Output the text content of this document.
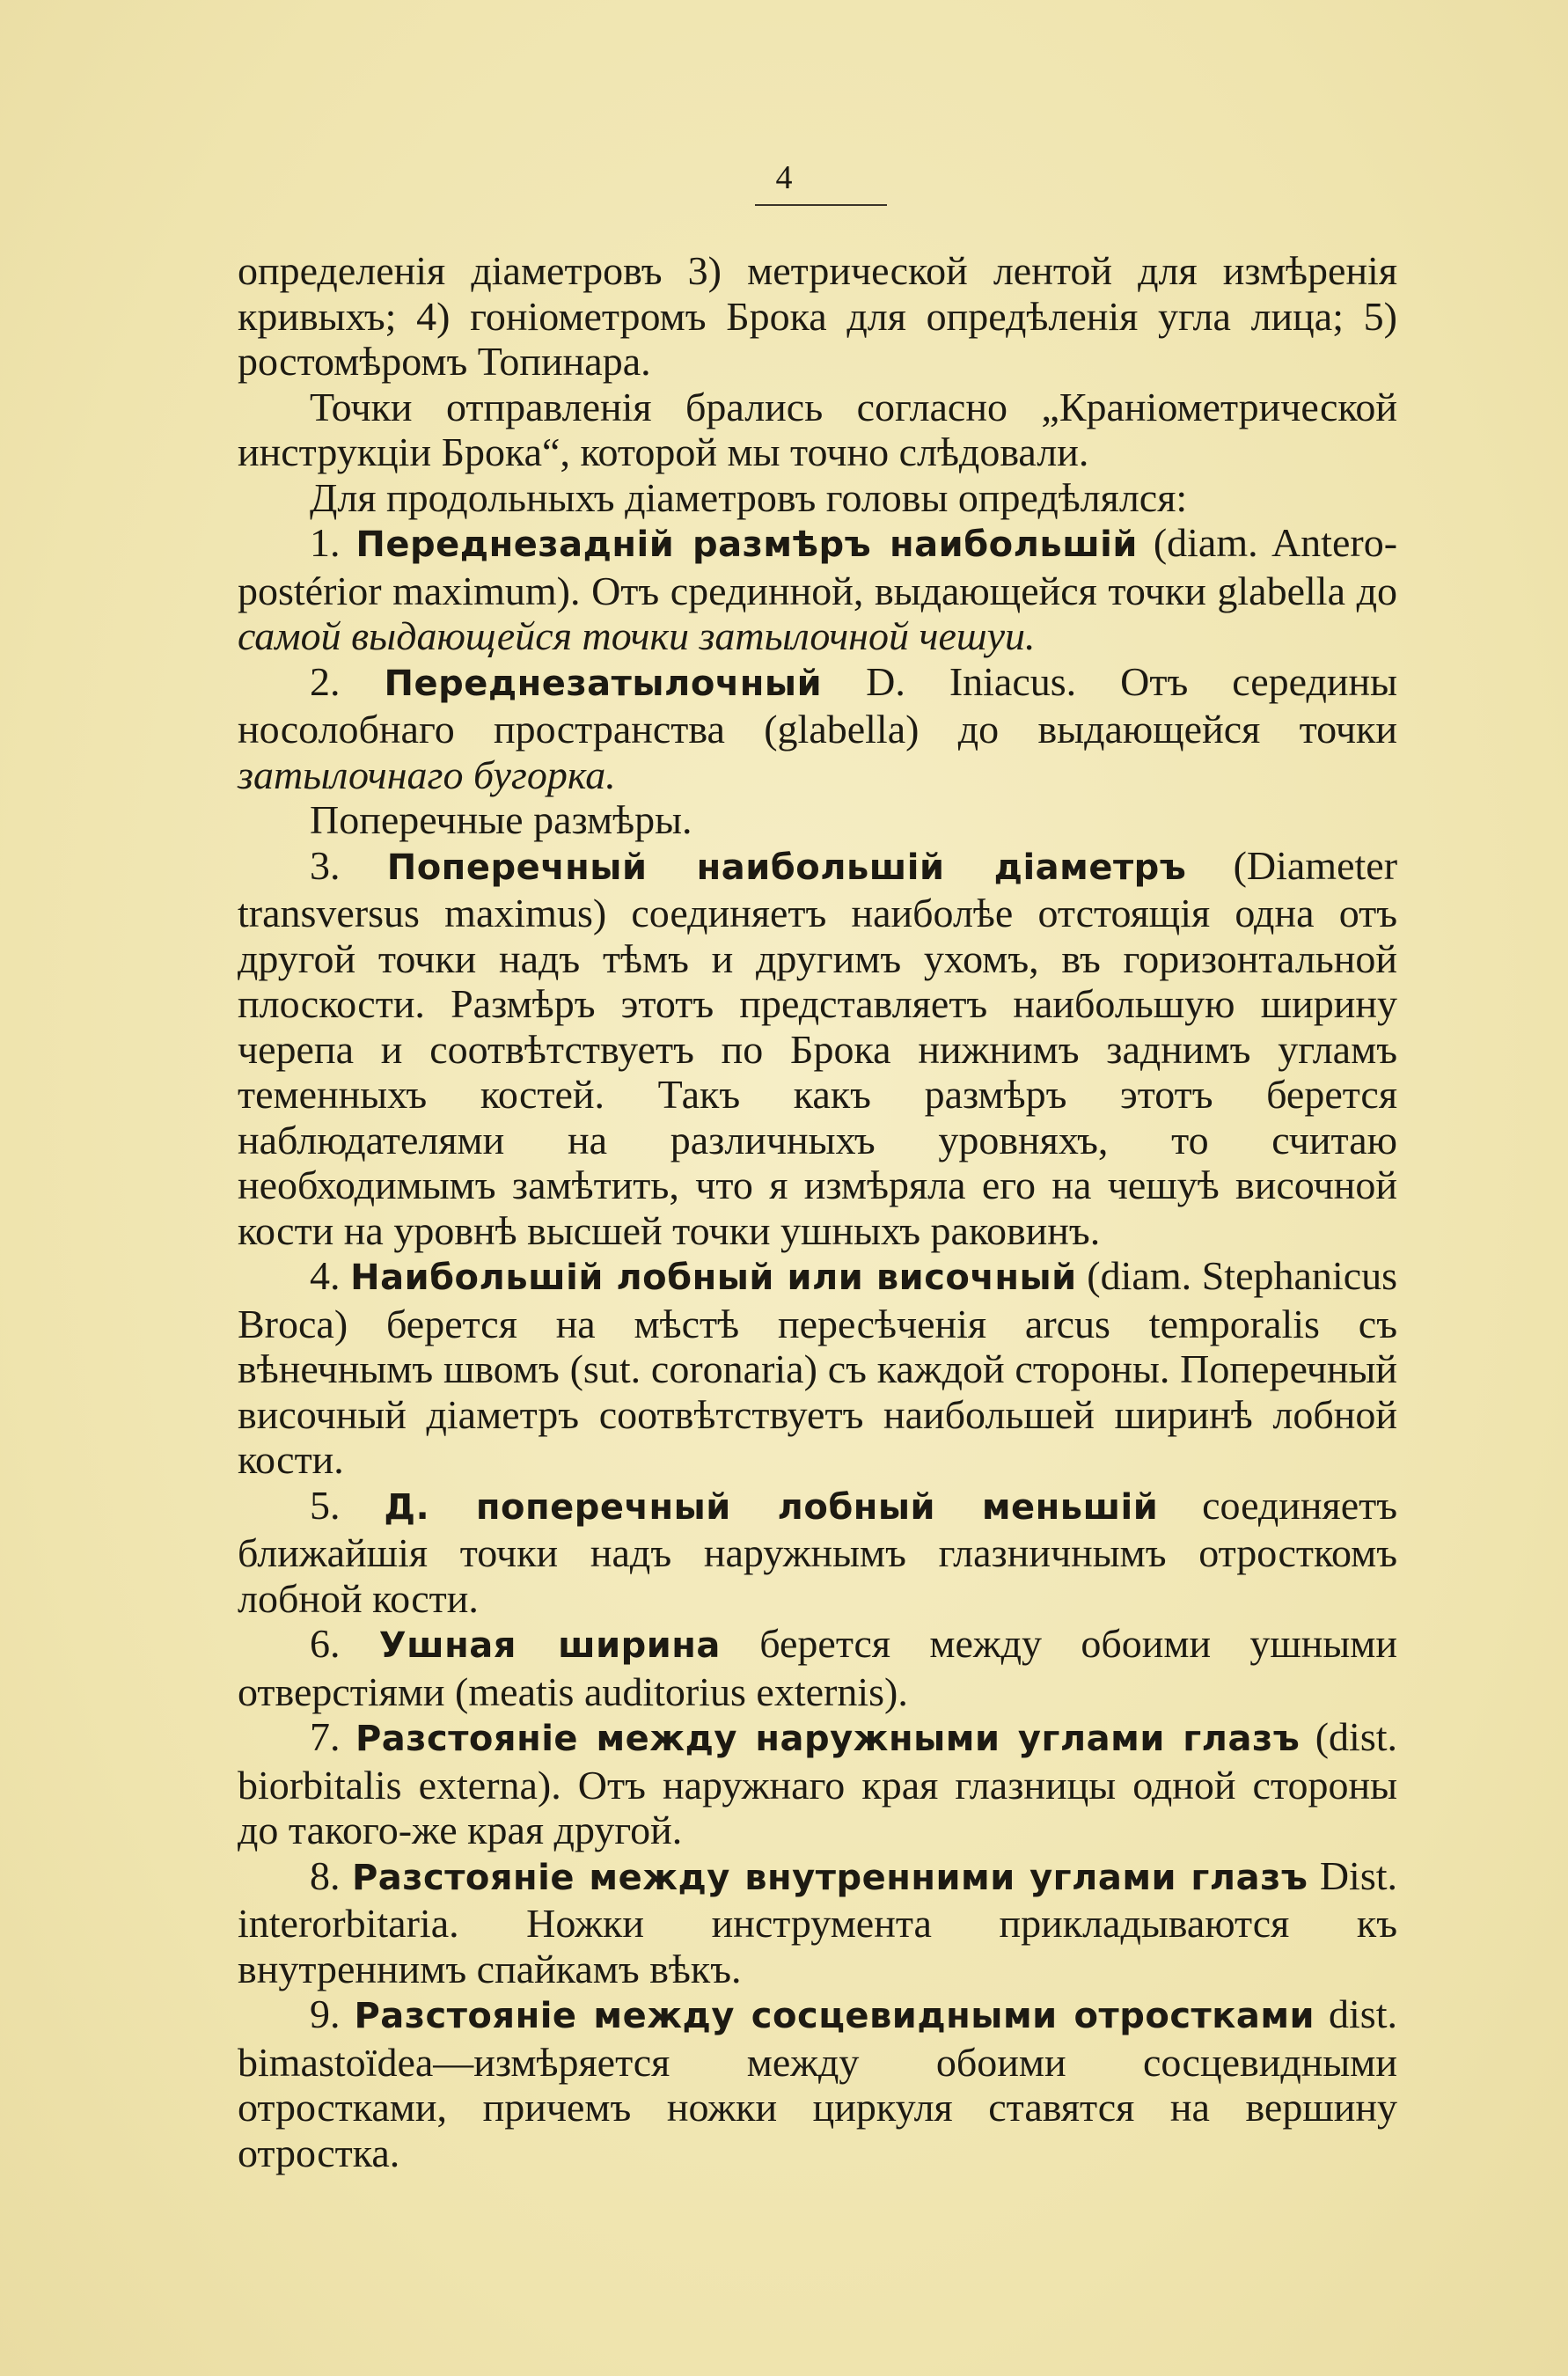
4

определенія діаметровъ 3) метрической лентой для измѣренія кривыхъ; 4) гоніометромъ Брока для опредѣленія угла лица; 5) ростомѣромъ Топинара.

Точки отправленія брались согласно „Краніометрической инструкціи Брока“, которой мы точно слѣдовали.

Для продольныхъ діаметровъ головы опредѣлялся:

1. Переднезадній размѣръ наибольшій (diam. Antero-postérior maximum). Отъ срединной, выдающейся точки glabella до самой выдающейся точки затылочной чешуи.

2. Переднезатылочный D. Iniacus. Отъ середины носолобнаго пространства (glabella) до выдающейся точки затылочнаго бугорка.

Поперечные размѣры.

3. Поперечный наибольшій діаметръ (Diameter transversus maximus) соединяетъ наиболѣе отстоящія одна отъ другой точки надъ тѣмъ и другимъ ухомъ, въ горизонтальной плоскости. Размѣръ этотъ представляетъ наибольшую ширину черепа и соотвѣтствуетъ по Брока нижнимъ заднимъ угламъ теменныхъ костей. Такъ какъ размѣръ этотъ берется наблюдателями на различныхъ уровняхъ, то считаю необходимымъ замѣтить, что я измѣряла его на чешуѣ височной кости на уровнѣ высшей точки ушныхъ раковинъ.

4. Наибольшій лобный или височный (diam. Stephanicus Broca) берется на мѣстѣ пересѣченія arcus temporalis съ вѣнечнымъ швомъ (sut. coronaria) съ каждой стороны. Поперечный височный діаметръ соотвѣтствуетъ наибольшей ширинѣ лобной кости.

5. Д. поперечный лобный меньшій соединяетъ ближайшія точки надъ наружнымъ глазничнымъ отросткомъ лобной кости.

6. Ушная ширина берется между обоими ушными отверстіями (meatis auditorius externis).

7. Разстояніе между наружными углами глазъ (dist. biorbitalis externa). Отъ наружнаго края глазницы одной стороны до такого-же края другой.

8. Разстояніе между внутренними углами глазъ Dist. interorbitaria. Ножки инструмента прикладываются къ внутреннимъ спайкамъ вѣкъ.

9. Разстояніе между сосцевидными отростками dist. bimastoïdea—измѣряется между обоими сосцевидными отростками, причемъ ножки циркуля ставятся на вершину отростка.
